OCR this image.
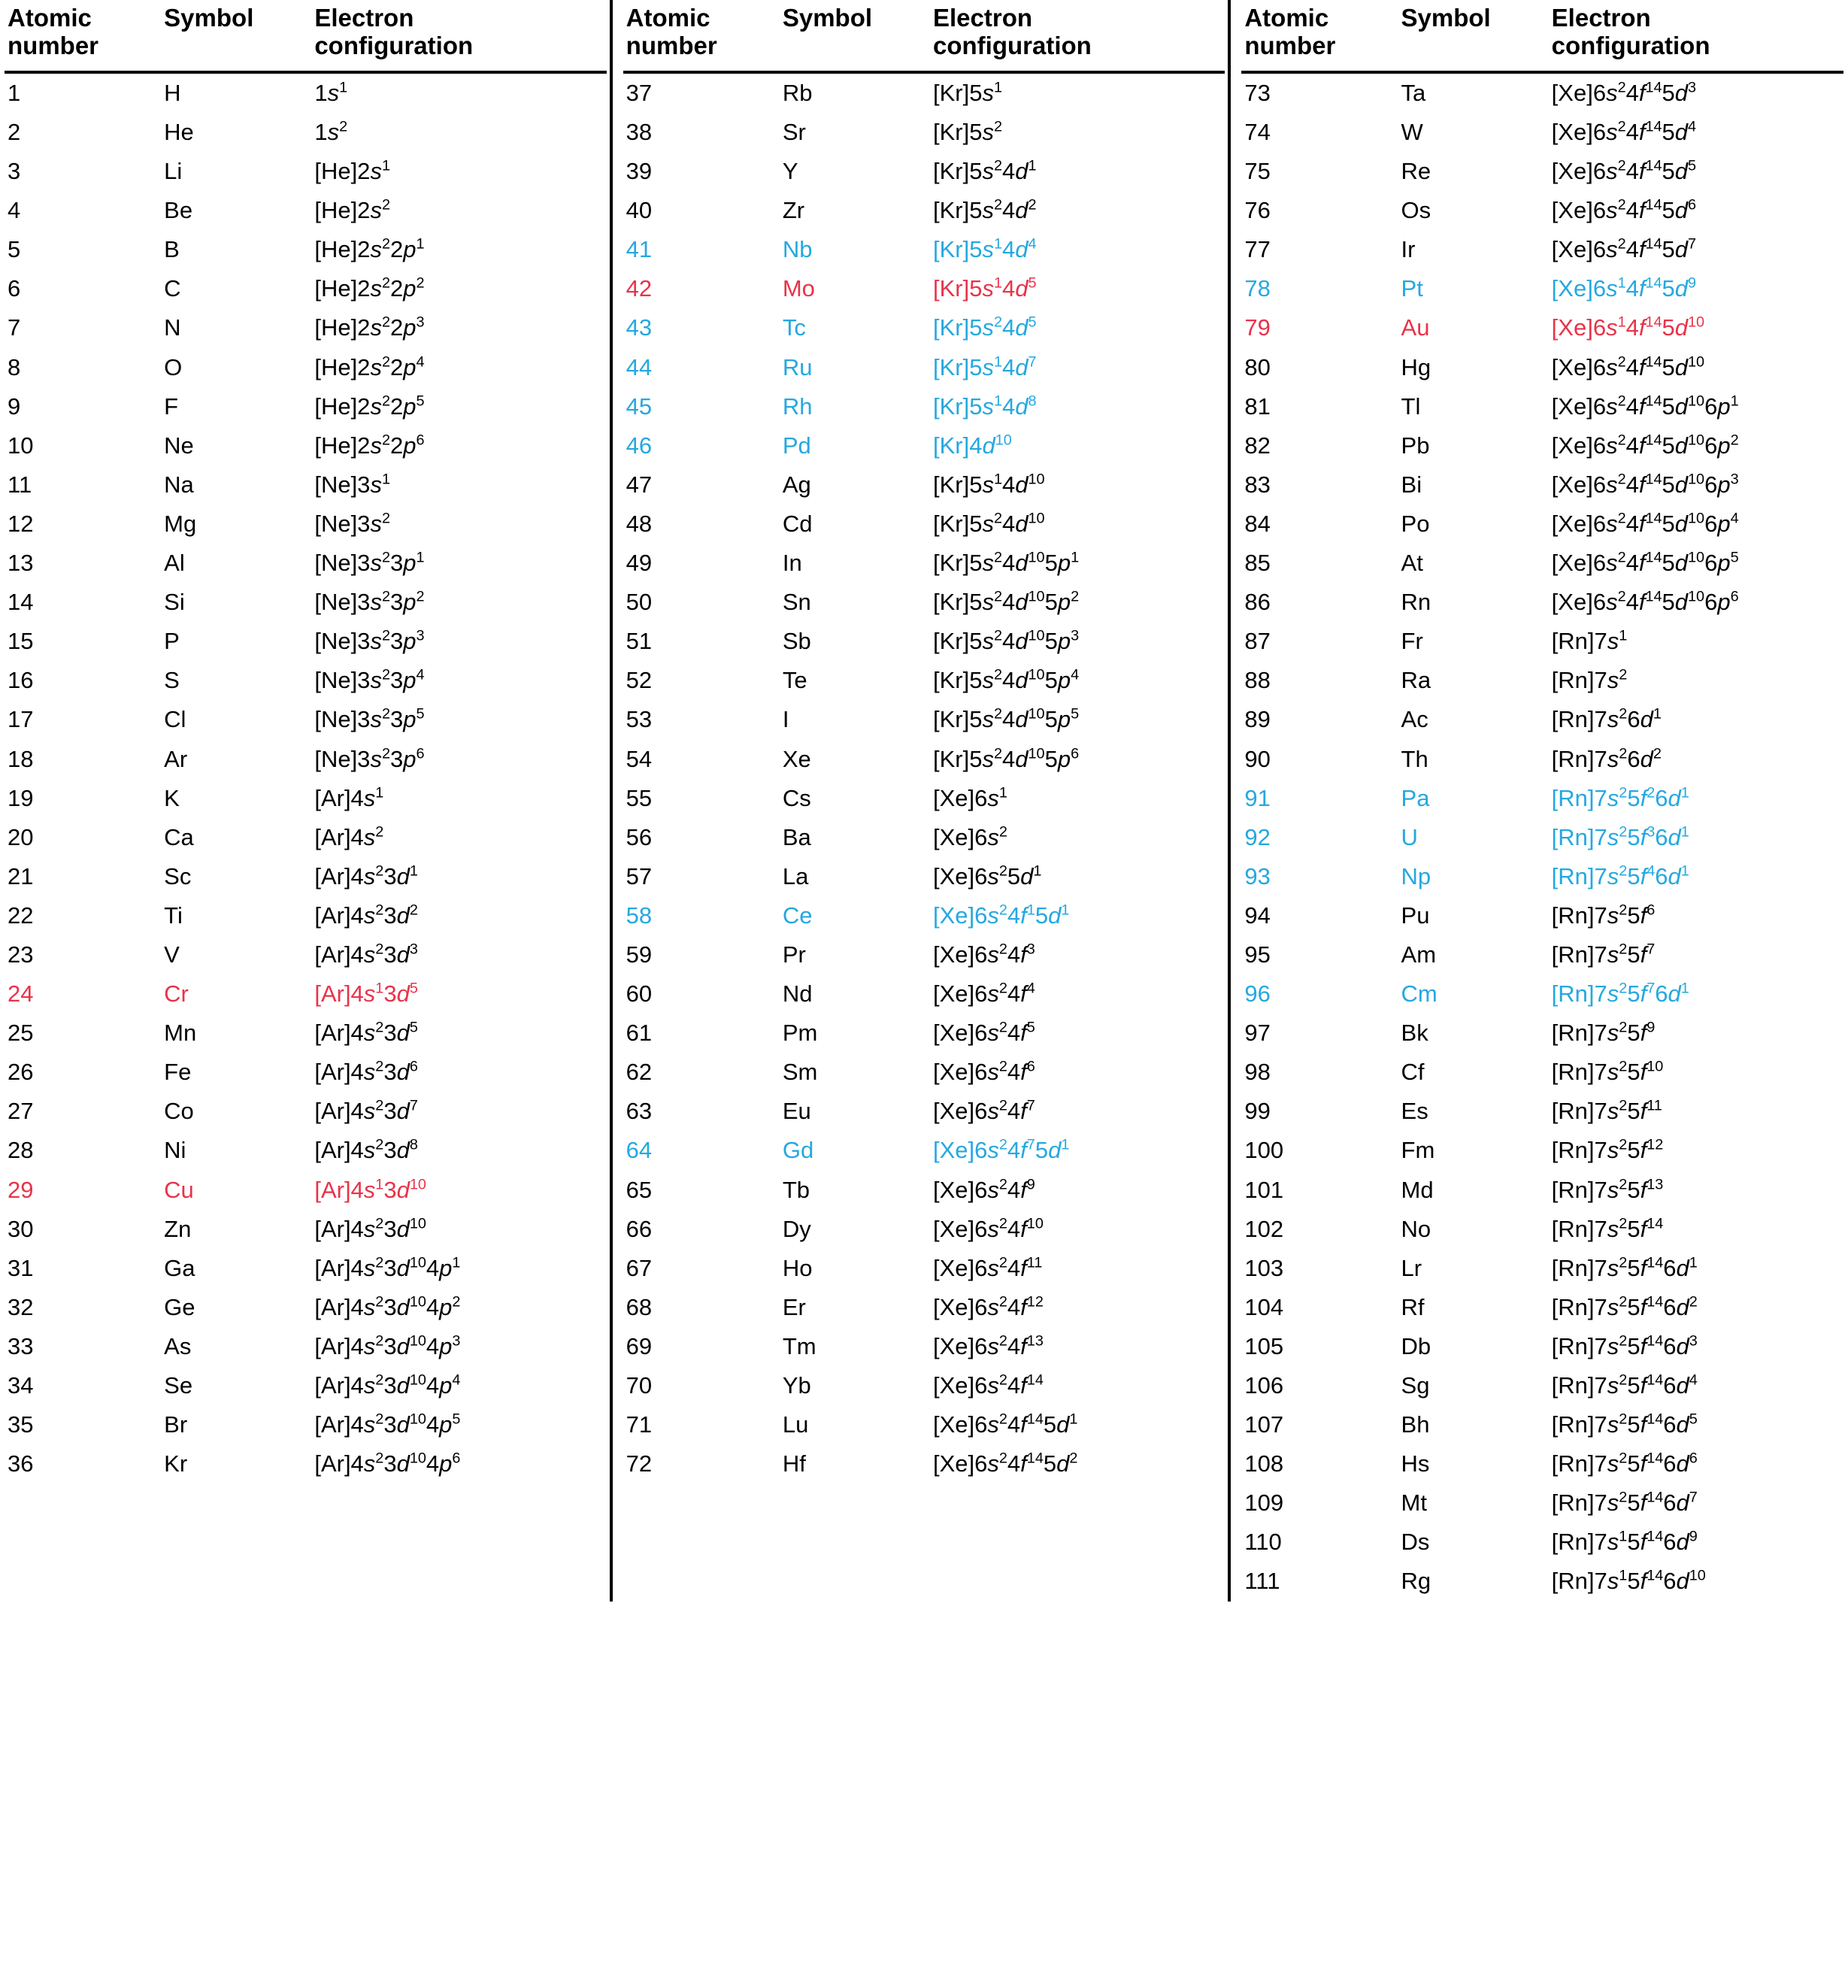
Atomic
number	Symbol	Electron
configuration

1	H	$1s^1$
2	He	$1s^2$
3	Li	$[He]2s^1$
4	Be	$[He]2s^2$
5	B	$[He]2s^22p^1$
6	C	$[He]2s^22p^2$
7	N	$[He]2s^22p^3$
8	O	$[He]2s^22p^4$
9	F	$[He]2s^22p^5$
10	Ne	$[He]2s^22p^6$
11	Na	$[Ne]3s^1$
12	Mg	$[Ne]3s^2$
13	Al	$[Ne]3s^23p^1$
14	Si	$[Ne]3s^23p^2$
15	P	$[Ne]3s^23p^3$
16	S	$[Ne]3s^23p^4$
17	Cl	$[Ne]3s^23p^5$
18	Ar	$[Ne]3s^23p^6$
19	K	$[Ar]4s^1$
20	Ca	$[Ar]4s^2$
21	Sc	$[Ar]4s^23d^1$
22	Ti	$[Ar]4s^23d^2$
23	V	$[Ar]4s^23d^3$
24	Cr	$[Ar]4s^13d^5$
25	Mn	$[Ar]4s^23d^5$
26	Fe	$[Ar]4s^23d^6$
27	Co	$[Ar]4s^23d^7$
28	Ni	$[Ar]4s^23d^8$
29	Cu	$[Ar]4s^13d^{10}$
30	Zn	$[Ar]4s^23d^{10}$
31	Ga	$[Ar]4s^23d^{10}4p^1$
32	Ge	$[Ar]4s^23d^{10}4p^2$
33	As	$[Ar]4s^23d^{10}4p^3$
34	Se	$[Ar]4s^23d^{10}4p^4$
35	Br	$[Ar]4s^23d^{10}4p^5$
36	Kr	$[Ar]4s^23d^{10}4p^6$
Atomic
number	Symbol	Electron
configuration

37	Rb	$[Kr]5s^1$
38	Sr	$[Kr]5s^2$
39	Y	$[Kr]5s^24d^1$
40	Zr	$[Kr]5s^24d^2$
41	Nb	$[Kr]5s^14d^4$
42	Mo	$[Kr]5s^14d^5$
43	Tc	$[Kr]5s^24d^5$
44	Ru	$[Kr]5s^14d^7$
45	Rh	$[Kr]5s^14d^8$
46	Pd	$[Kr]4d^{10}$
47	Ag	$[Kr]5s^14d^{10}$
48	Cd	$[Kr]5s^24d^{10}$
49	In	$[Kr]5s^24d^{10}5p^1$
50	Sn	$[Kr]5s^24d^{10}5p^2$
51	Sb	$[Kr]5s^24d^{10}5p^3$
52	Te	$[Kr]5s^24d^{10}5p^4$
53	I	$[Kr]5s^24d^{10}5p^5$
54	Xe	$[Kr]5s^24d^{10}5p^6$
55	Cs	$[Xe]6s^1$
56	Ba	$[Xe]6s^2$
57	La	$[Xe]6s^25d^1$
58	Ce	$[Xe]6s^24f^15d^1$
59	Pr	$[Xe]6s^24f^3$
60	Nd	$[Xe]6s^24f^4$
61	Pm	$[Xe]6s^24f^5$
62	Sm	$[Xe]6s^24f^6$
63	Eu	$[Xe]6s^24f^7$
64	Gd	$[Xe]6s^24f^75d^1$
65	Tb	$[Xe]6s^24f^9$
66	Dy	$[Xe]6s^24f^{10}$
67	Ho	$[Xe]6s^24f^{11}$
68	Er	$[Xe]6s^24f^{12}$
69	Tm	$[Xe]6s^24f^{13}$
70	Yb	$[Xe]6s^24f^{14}$
71	Lu	$[Xe]6s^24f^{14}5d^1$
72	Hf	$[Xe]6s^24f^{14}5d^2$
Atomic
number	Symbol	Electron
configuration

73	Ta	$[Xe]6s^24f^{14}5d^3$
74	W	$[Xe]6s^24f^{14}5d^4$
75	Re	$[Xe]6s^24f^{14}5d^5$
76	Os	$[Xe]6s^24f^{14}5d^6$
77	Ir	$[Xe]6s^24f^{14}5d^7$
78	Pt	$[Xe]6s^14f^{14}5d^9$
79	Au	$[Xe]6s^14f^{14}5d^{10}$
80	Hg	$[Xe]6s^24f^{14}5d^{10}$
81	Tl	$[Xe]6s^24f^{14}5d^{10}6p^1$
82	Pb	$[Xe]6s^24f^{14}5d^{10}6p^2$
83	Bi	$[Xe]6s^24f^{14}5d^{10}6p^3$
84	Po	$[Xe]6s^24f^{14}5d^{10}6p^4$
85	At	$[Xe]6s^24f^{14}5d^{10}6p^5$
86	Rn	$[Xe]6s^24f^{14}5d^{10}6p^6$
87	Fr	$[Rn]7s^1$
88	Ra	$[Rn]7s^2$
89	Ac	$[Rn]7s^26d^1$
90	Th	$[Rn]7s^26d^2$
91	Pa	$[Rn]7s^25f^26d^1$
92	U	$[Rn]7s^25f^36d^1$
93	Np	$[Rn]7s^25f^46d^1$
94	Pu	$[Rn]7s^25f^6$
95	Am	$[Rn]7s^25f^7$
96	Cm	$[Rn]7s^25f^76d^1$
97	Bk	$[Rn]7s^25f^9$
98	Cf	$[Rn]7s^25f^{10}$
99	Es	$[Rn]7s^25f^{11}$
100	Fm	$[Rn]7s^25f^{12}$
101	Md	$[Rn]7s^25f^{13}$
102	No	$[Rn]7s^25f^{14}$
103	Lr	$[Rn]7s^25f^{14}6d^1$
104	Rf	$[Rn]7s^25f^{14}6d^2$
105	Db	$[Rn]7s^25f^{14}6d^3$
106	Sg	$[Rn]7s^25f^{14}6d^4$
107	Bh	$[Rn]7s^25f^{14}6d^5$
108	Hs	$[Rn]7s^25f^{14}6d^6$
109	Mt	$[Rn]7s^25f^{14}6d^7$
110	Ds	$[Rn]7s^15f^{14}6d^9$
111	Rg	$[Rn]7s^15f^{14}6d^{10}$
